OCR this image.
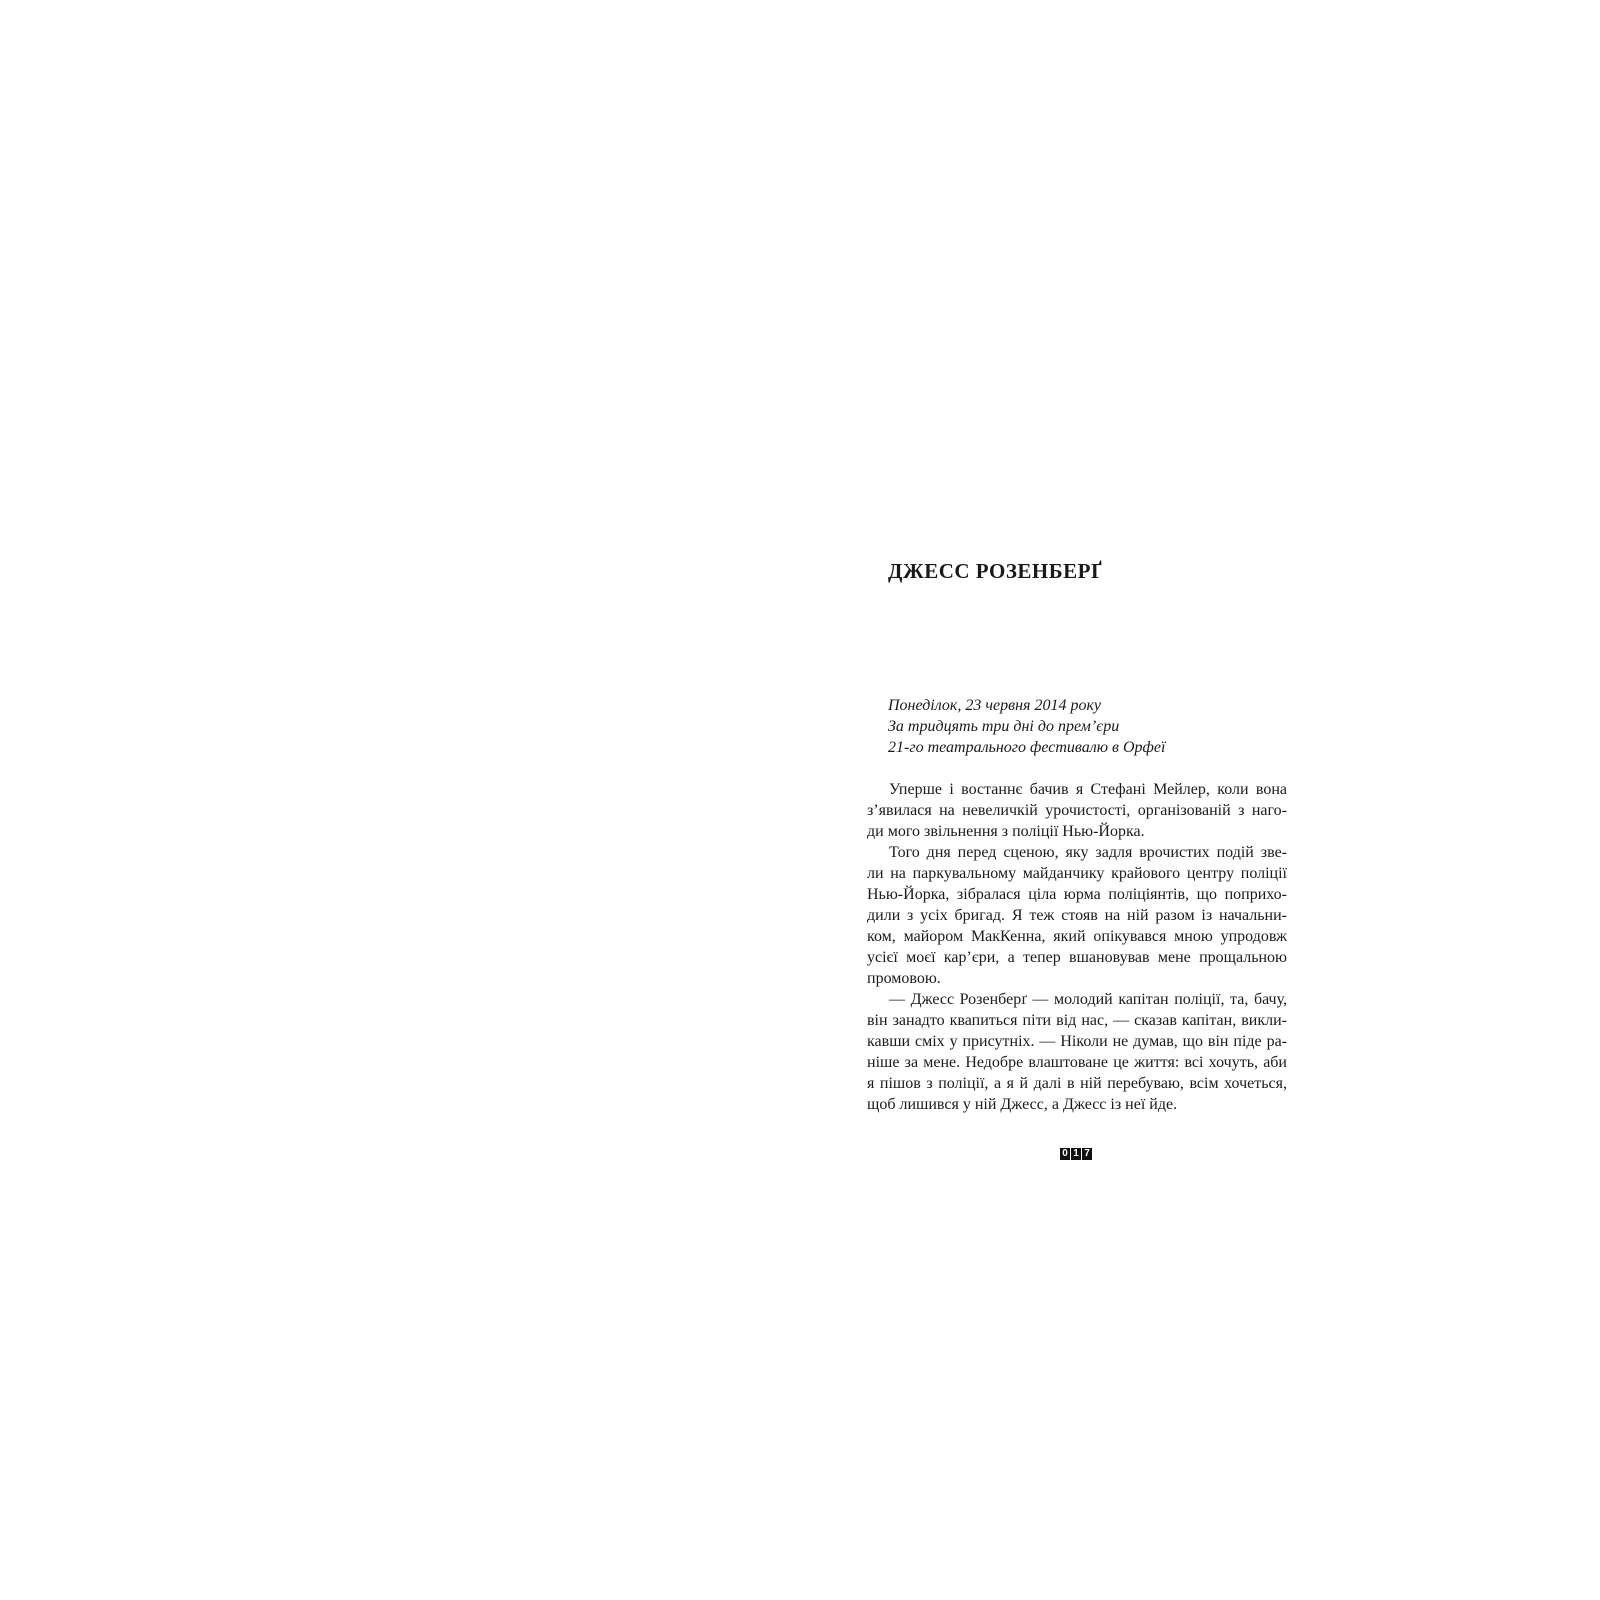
ДЖЕСС РОЗЕНБЕРҐ
Понеділок, 23 червня 2014 року
За тридцять три дні до прем’єри
21-го театрального фестивалю в Орфеї
Уперше і востаннє бачив я Стефані Мейлер, коли вона
з’явилася на невеличкій урочистості, організованій з наго-
ди мого звільнення з поліції Нью-Йорка.
Того дня перед сценою, яку задля врочистих подій зве-
ли на паркувальному майданчику крайового центру поліції
Нью-Йорка, зібралася ціла юрма поліціянтів, що поприхо-
дили з усіх бригад. Я теж стояв на ній разом із начальни-
ком, майором МакКенна, який опікувався мною упродовж
усієї моєї кар’єри, а тепер вшановував мене прощальною
промовою.
— Джесс Розенберґ — молодий капітан поліції, та, бачу,
він занадто квапиться піти від нас, — сказав капітан, викли-
кавши сміх у присутніх. — Ніколи не думав, що він піде ра-
ніше за мене. Недобре влаштоване це життя: всі хочуть, аби
я пішов з поліції, а я й далі в ній перебуваю, всім хочеться,
щоб лишився у ній Джесс, а Джесс із неї йде.
0 1 7
